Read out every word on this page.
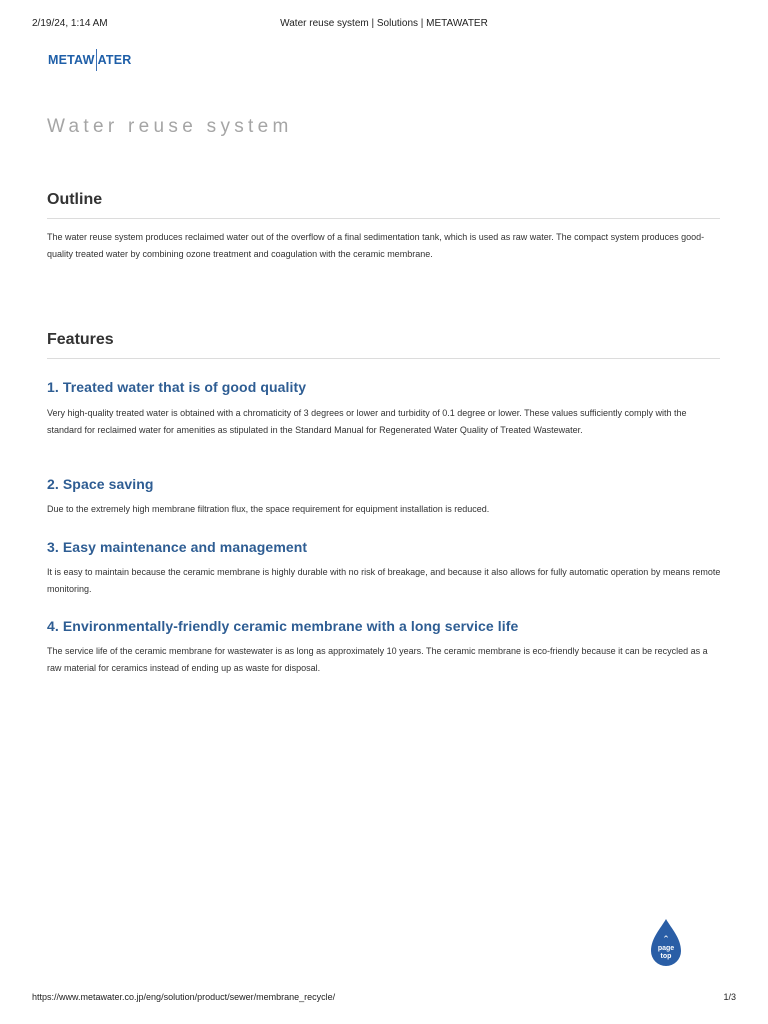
2/19/24, 1:14 AM	Water reuse system | Solutions | METAWATER
METAW ATER
Water reuse system
Outline

The water reuse system produces reclaimed water out of the overflow of a final sedimentation tank, which is used as raw water. The compact system produces good-quality treated water by combining ozone treatment and coagulation with the ceramic membrane.

Features
1. Treated water that is of good quality

Very high-quality treated water is obtained with a chromaticity of 3 degrees or lower and turbidity of 0.1 degree or lower. These values sufficiently comply with the standard for reclaimed water for amenities as stipulated in the Standard Manual for Regenerated Water Quality of Treated Wastewater.

2. Space saving

Due to the extremely high membrane filtration flux, the space requirement for equipment installation is reduced.

3. Easy maintenance and management

It is easy to maintain because the ceramic membrane is highly durable with no risk of breakage, and because it also allows for fully automatic operation by means remote monitoring.

4. Environmentally-friendly ceramic membrane with a long service life

The service life of the ceramic membrane for wastewater is as long as approximately 10 years. The ceramic membrane is eco-friendly because it can be recycled as a raw material for ceramics instead of ending up as waste for disposal.

⌃
page
top
https://www.metawater.co.jp/eng/solution/product/sewer/membrane_recycle/	1/3
